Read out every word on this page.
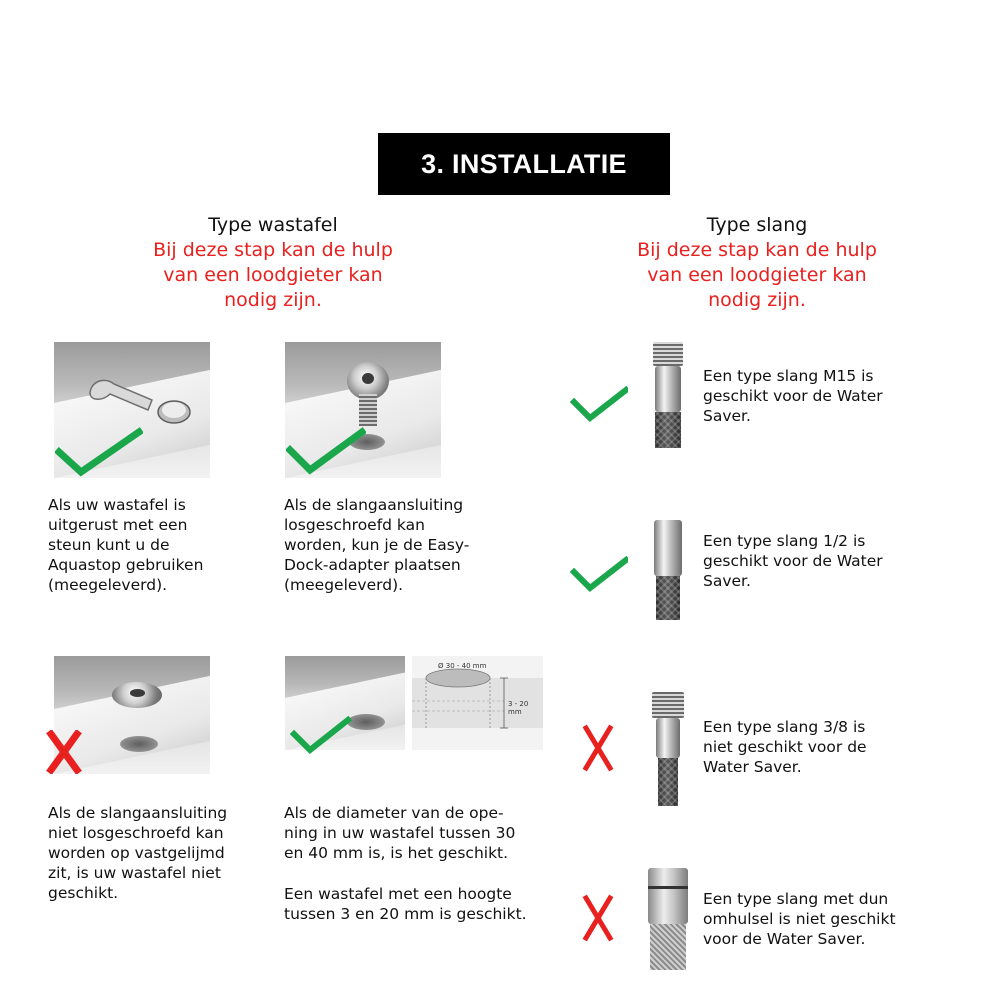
3. INSTALLATIE
Type wastafel
Bij deze stap kan de hulp
van een loodgieter kan
nodig zijn.
Type slang
Bij deze stap kan de hulp
van een loodgieter kan
nodig zijn.
Als uw wastafel is
uitgerust met een
steun kunt u de
Aquastop gebruiken
(meegeleverd).
Als de slangaansluiting
losgeschroefd kan
worden, kun je de Easy-
Dock-adapter plaatsen
(meegeleverd).
Als de slangaansluiting
niet losgeschroefd kan
worden op vastgelijmd
zit, is uw wastafel niet
geschikt.
Ø 30 - 40 mm
3 - 20 mm
Als de diameter van de ope-
ning in uw wastafel tussen 30
en 40 mm is, is het geschikt.
Een wastafel met een hoogte
tussen 3 en 20 mm is geschikt.
Een type slang M15 is
geschikt voor de Water
Saver.
Een type slang 1/2 is
geschikt voor de Water
Saver.
Een type slang 3/8 is
niet geschikt voor de
Water Saver.
Een type slang met dun
omhulsel is niet geschikt
voor de Water Saver.
